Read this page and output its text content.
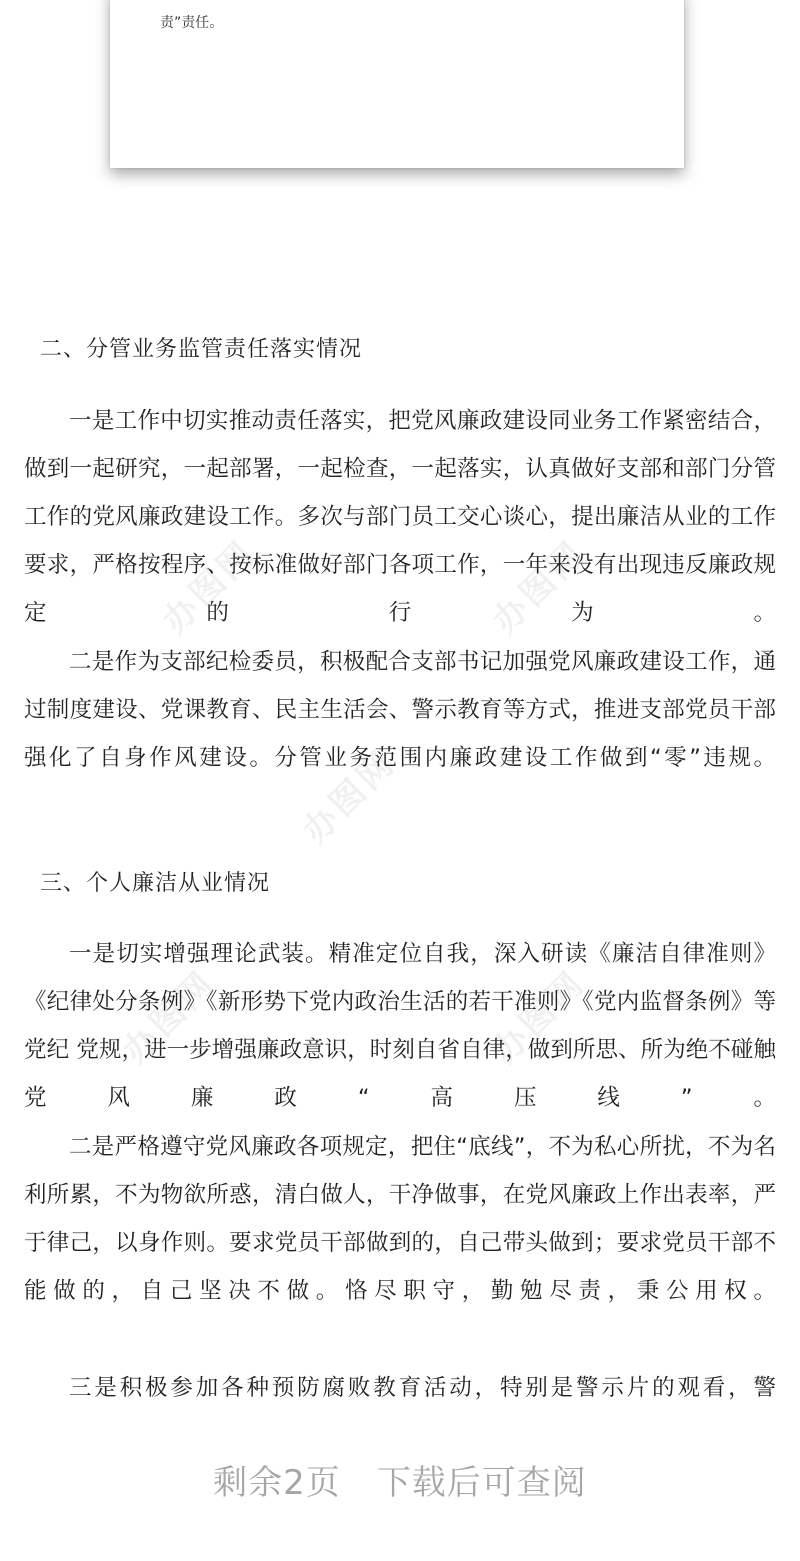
责”责任。
办图网	办图网
办图网
办图网	办图网
二、分管业务监管责任落实情况
一是工作中切实推动责任落实，把党风廉政建设同业务工作紧密结合，做到一起研究，一起部署，一起检查，一起落实，认真做好支部和部门分管工作的党风廉政建设工作。多次与部门员工交心谈心，提出廉洁从业的工作要求，严格按程序、按标准做好部门各项工作，一年来没有出现违反廉政规定的行为。
二是作为支部纪检委员，积极配合支部书记加强党风廉政建设工作，通过制度建设、党课教育、民主生活会、警示教育等方式，推进支部党员干部强化了自身作风建设。分管业务范围内廉政建设工作做到“零”违规。
三、个人廉洁从业情况
一是切实增强理论武装。精准定位自我，深入研读《廉洁自律准则》《纪律处分条例》《新形势下党内政治生活的若干准则》《党内监督条例》等党纪 党规，进一步增强廉政意识，时刻自省自律，做到所思、所为绝不碰触党风廉政“高压线”。
二是严格遵守党风廉政各项规定，把住“底线”，不为私心所扰，不为名利所累，不为物欲所惑，清白做人，干净做事，在党风廉政上作出表率，严于律己，以身作则。要求党员干部做到的，自己带头做到；要求党员干部不能做的，自己坚决不做。恪尽职守，勤勉尽责，秉公用权。
三是积极参加各种预防腐败教育活动，特别是警示片的观看，警
剩余2页 下载后可查阅
